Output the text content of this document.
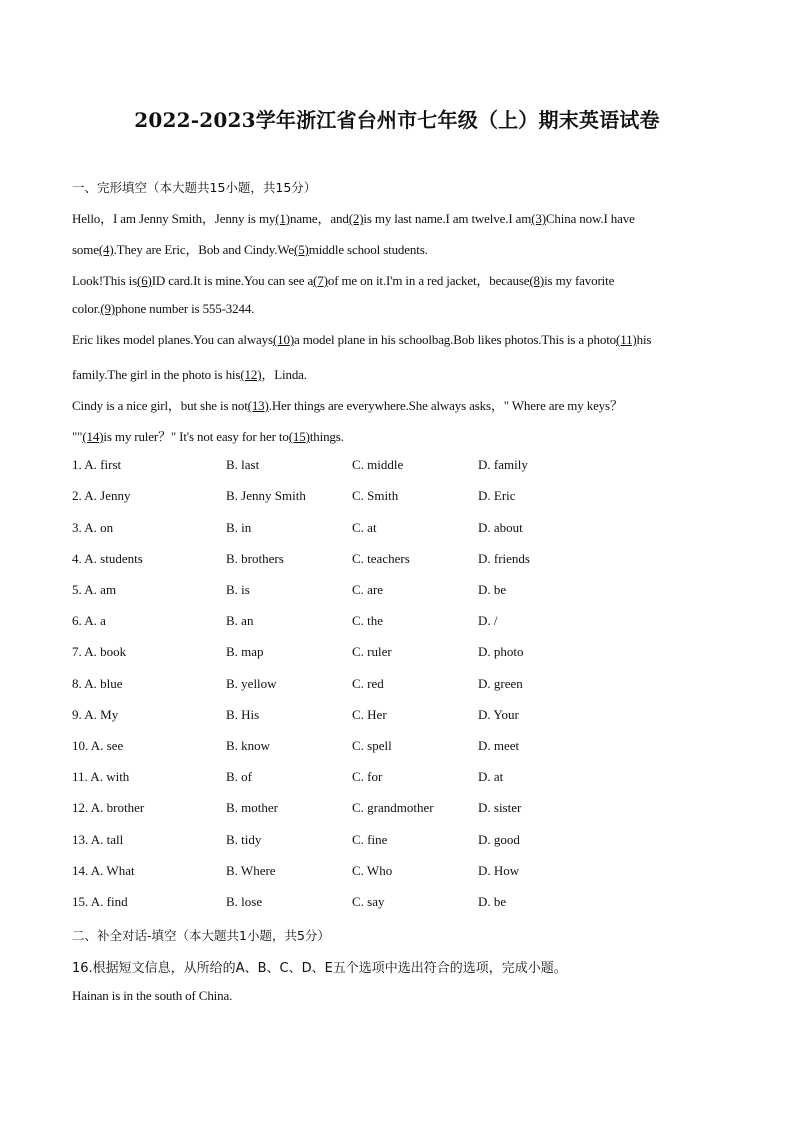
2022-2023学年浙江省台州市七年级（上）期末英语试卷
一、完形填空（本大题共15小题，共15分）
Hello，I am Jenny Smith，Jenny is my(1)name，and(2)is my last name.I am twelve.I am(3)China now.I have
some(4).They are Eric，Bob and Cindy.We(5)middle school students.
Look!This is(6)ID card.It is mine.You can see a(7)of me on it.I'm in a red jacket，because(8)is my favorite
color.(9)phone number is 555-3244.
Eric likes model planes.You can always(10)a model plane in his schoolbag.Bob likes photos.This is a photo(11)his
family.The girl in the photo is his(12)，Linda.
Cindy is a nice girl，but she is not(13).Her things are everywhere.She always asks，" Where are my keys？
""(14)is my ruler？" It's not easy for her to(15)things.
1. A. first	B. last	C. middle	D. family
2. A. Jenny	B. Jenny Smith	C. Smith	D. Eric
3. A. on	B. in	C. at	D. about
4. A. students	B. brothers	C. teachers	D. friends
5. A. am	B. is	C. are	D. be
6. A. a	B. an	C. the	D. /
7. A. book	B. map	C. ruler	D. photo
8. A. blue	B. yellow	C. red	D. green
9. A. My	B. His	C. Her	D. Your
10. A. see	B. know	C. spell	D. meet
11. A. with	B. of	C. for	D. at
12. A. brother	B. mother	C. grandmother	D. sister
13. A. tall	B. tidy	C. fine	D. good
14. A. What	B. Where	C. Who	D. How
15. A. find	B. lose	C. say	D. be
二、补全对话-填空（本大题共1小题，共5分）
16.根据短文信息，从所给的A、B、C、D、E五个选项中选出符合的选项，完成小题。
Hainan is in the south of China.
